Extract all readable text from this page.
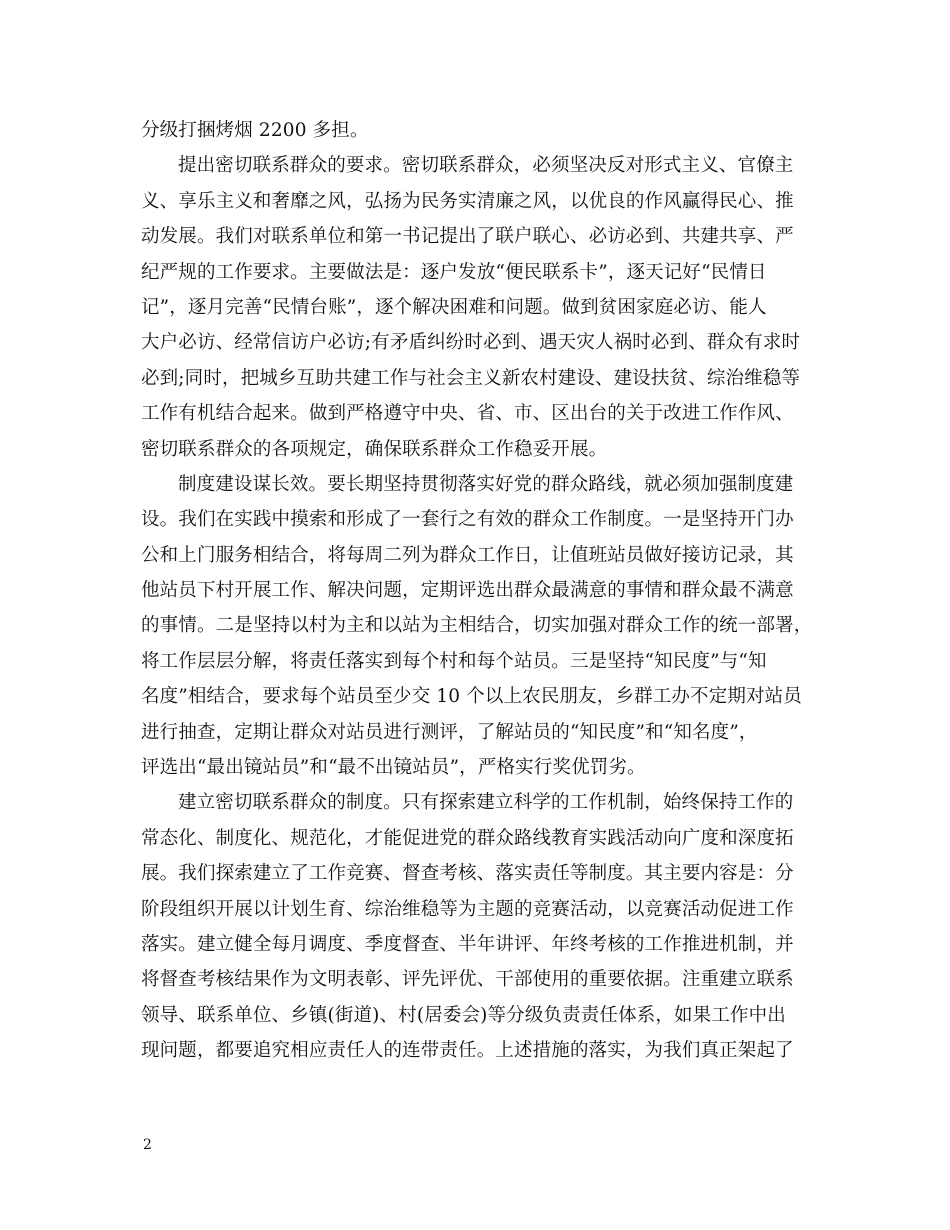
分级打捆烤烟 2200 多担。
提出密切联系群众的要求。密切联系群众，必须坚决反对形式主义、官僚主
义、享乐主义和奢靡之风，弘扬为民务实清廉之风，以优良的作风赢得民心、推
动发展。我们对联系单位和第一书记提出了联户联心、必访必到、共建共享、严
纪严规的工作要求。主要做法是：逐户发放“便民联系卡”，逐天记好“民情日
记”，逐月完善“民情台账”，逐个解决困难和问题。做到贫困家庭必访、能人
大户必访、经常信访户必访;有矛盾纠纷时必到、遇天灾人祸时必到、群众有求时
必到;同时，把城乡互助共建工作与社会主义新农村建设、建设扶贫、综治维稳等
工作有机结合起来。做到严格遵守中央、省、市、区出台的关于改进工作作风、
密切联系群众的各项规定，确保联系群众工作稳妥开展。
制度建设谋长效。要长期坚持贯彻落实好党的群众路线，就必须加强制度建
设。我们在实践中摸索和形成了一套行之有效的群众工作制度。一是坚持开门办
公和上门服务相结合，将每周二列为群众工作日，让值班站员做好接访记录，其
他站员下村开展工作、解决问题，定期评选出群众最满意的事情和群众最不满意
的事情。二是坚持以村为主和以站为主相结合，切实加强对群众工作的统一部署，
将工作层层分解，将责任落实到每个村和每个站员。三是坚持“知民度”与“知
名度”相结合，要求每个站员至少交 10 个以上农民朋友，乡群工办不定期对站员
进行抽查，定期让群众对站员进行测评，了解站员的“知民度”和“知名度”，
评选出“最出镜站员”和“最不出镜站员”，严格实行奖优罚劣。
建立密切联系群众的制度。只有探索建立科学的工作机制，始终保持工作的
常态化、制度化、规范化，才能促进党的群众路线教育实践活动向广度和深度拓
展。我们探索建立了工作竞赛、督查考核、落实责任等制度。其主要内容是：分
阶段组织开展以计划生育、综治维稳等为主题的竞赛活动，以竞赛活动促进工作
落实。建立健全每月调度、季度督查、半年讲评、年终考核的工作推进机制，并
将督查考核结果作为文明表彰、评先评优、干部使用的重要依据。注重建立联系
领导、联系单位、乡镇(街道)、村(居委会)等分级负责责任体系，如果工作中出
现问题，都要追究相应责任人的连带责任。上述措施的落实，为我们真正架起了
2
